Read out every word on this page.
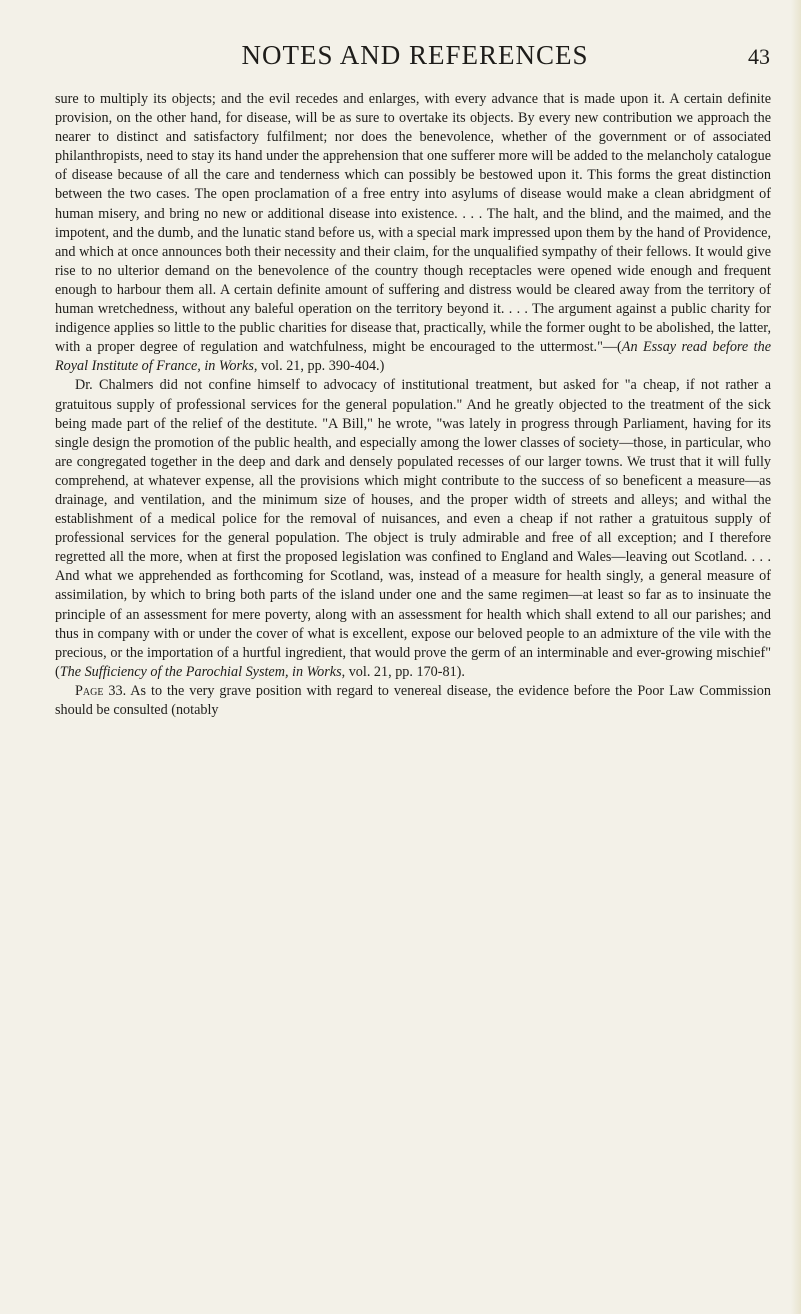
NOTES AND REFERENCES	43

sure to multiply its objects; and the evil recedes and enlarges, with every advance that is made upon it. A certain definite provision, on the other hand, for disease, will be as sure to overtake its objects. By every new contribution we approach the nearer to distinct and satisfactory fulfilment; nor does the benevolence, whether of the government or of associated philanthropists, need to stay its hand under the apprehension that one sufferer more will be added to the melancholy catalogue of disease because of all the care and tenderness which can possibly be bestowed upon it. This forms the great distinction between the two cases. The open proclamation of a free entry into asylums of disease would make a clean abridgment of human misery, and bring no new or additional disease into existence. . . . The halt, and the blind, and the maimed, and the impotent, and the dumb, and the lunatic stand before us, with a special mark impressed upon them by the hand of Providence, and which at once announces both their necessity and their claim, for the unqualified sympathy of their fellows. It would give rise to no ulterior demand on the benevolence of the country though receptacles were opened wide enough and frequent enough to harbour them all. A certain definite amount of suffering and distress would be cleared away from the territory of human wretchedness, without any baleful operation on the territory beyond it. . . . The argument against a public charity for indigence applies so little to the public charities for disease that, practically, while the former ought to be abolished, the latter, with a proper degree of regulation and watchfulness, might be encouraged to the uttermost."—(An Essay read before the Royal Institute of France, in Works, vol. 21, pp. 390-404.)

Dr. Chalmers did not confine himself to advocacy of institutional treatment, but asked for "a cheap, if not rather a gratuitous supply of professional services for the general population." And he greatly objected to the treatment of the sick being made part of the relief of the destitute. "A Bill," he wrote, "was lately in progress through Parliament, having for its single design the promotion of the public health, and especially among the lower classes of society—those, in particular, who are congregated together in the deep and dark and densely populated recesses of our larger towns. We trust that it will fully comprehend, at whatever expense, all the provisions which might contribute to the success of so beneficent a measure—as drainage, and ventilation, and the minimum size of houses, and the proper width of streets and alleys; and withal the establishment of a medical police for the removal of nuisances, and even a cheap if not rather a gratuitous supply of professional services for the general population. The object is truly admirable and free of all exception; and I therefore regretted all the more, when at first the proposed legislation was confined to England and Wales—leaving out Scotland. . . . And what we apprehended as forthcoming for Scotland, was, instead of a measure for health singly, a general measure of assimilation, by which to bring both parts of the island under one and the same regimen—at least so far as to insinuate the principle of an assessment for mere poverty, along with an assessment for health which shall extend to all our parishes; and thus in company with or under the cover of what is excellent, expose our beloved people to an admixture of the vile with the precious, or the importation of a hurtful ingredient, that would prove the germ of an interminable and ever-growing mischief" (The Sufficiency of the Parochial System, in Works, vol. 21, pp. 170-81).

Page 33. As to the very grave position with regard to venereal disease, the evidence before the Poor Law Commission should be consulted (notably
